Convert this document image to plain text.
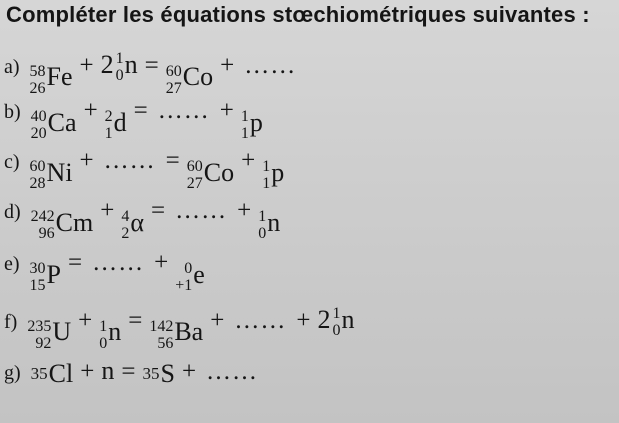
Compléter les équations stœchiométriques suivantes :
a) 58
26 Fe + 2 1
0 n = 60
27 Co + ……
b) 40
20 Ca + 2
1 d = …… + 1
1 p
c) 60
28 Ni + …… = 60
27 Co + 1
1 p
d) 242
96 Cm + 4
2 α = …… + 1
0 n
e) 30
15 P = …… + 0
+1 e
f) 235
92 U + 1
0 n = 142
56 Ba + …… + 2 1
0 n
g) 35 Cl + n = 35 S + ……
